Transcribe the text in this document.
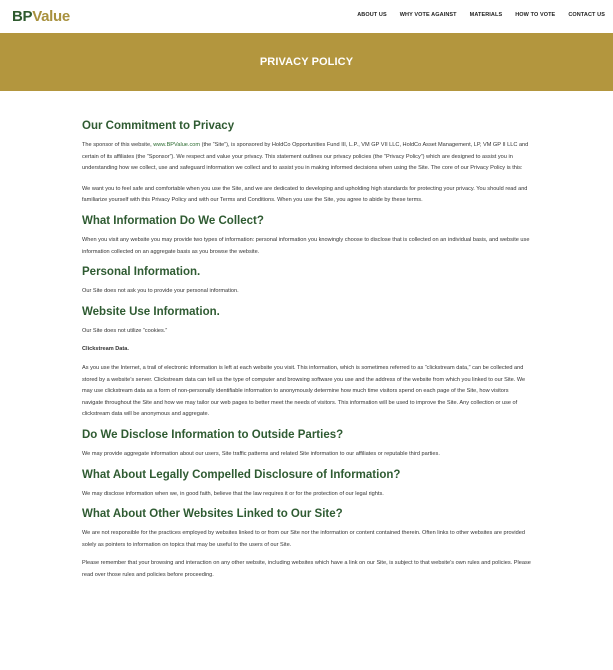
BPValue	ABOUT US WHY VOTE AGAINST MATERIALS HOW TO VOTE CONTACT US
PRIVACY POLICY
Our Commitment to Privacy

The sponsor of this website, www.BPValue.com (the “Site”), is sponsored by HoldCo Opportunities Fund III, L.P., VM GP VII LLC, HoldCo Asset Management, LP, VM GP II LLC and certain of its affiliates (the “Sponsor”). We respect and value your privacy. This statement outlines our privacy policies (the “Privacy Policy”) which are designed to assist you in understanding how we collect, use and safeguard information we collect and to assist you in making informed decisions when using the Site. The core of our Privacy Policy is this:

We want you to feel safe and comfortable when you use the Site, and we are dedicated to developing and upholding high standards for protecting your privacy. You should read and familiarize yourself with this Privacy Policy and with our Terms and Conditions. When you use the Site, you agree to abide by these terms.

What Information Do We Collect?

When you visit any website you may provide two types of information: personal information you knowingly choose to disclose that is collected on an individual basis, and website use information collected on an aggregate basis as you browse the website.

Personal Information.

Our Site does not ask you to provide your personal information.

Website Use Information.

Our Site does not utilize “cookies.”

Clickstream Data.

As you use the Internet, a trail of electronic information is left at each website you visit. This information, which is sometimes referred to as “clickstream data,” can be collected and stored by a website’s server. Clickstream data can tell us the type of computer and browsing software you use and the address of the website from which you linked to our Site. We may use clickstream data as a form of non-personally identifiable information to anonymously determine how much time visitors spend on each page of the Site, how visitors navigate throughout the Site and how we may tailor our web pages to better meet the needs of visitors. This information will be used to improve the Site. Any collection or use of clickstream data will be anonymous and aggregate.

Do We Disclose Information to Outside Parties?

We may provide aggregate information about our users, Site traffic patterns and related Site information to our affiliates or reputable third parties.

What About Legally Compelled Disclosure of Information?

We may disclose information when we, in good faith, believe that the law requires it or for the protection of our legal rights.

What About Other Websites Linked to Our Site?

We are not responsible for the practices employed by websites linked to or from our Site nor the information or content contained therein. Often links to other websites are provided solely as pointers to information on topics that may be useful to the users of our Site.

Please remember that your browsing and interaction on any other website, including websites which have a link on our Site, is subject to that website’s own rules and policies. Please read over those rules and policies before proceeding.
